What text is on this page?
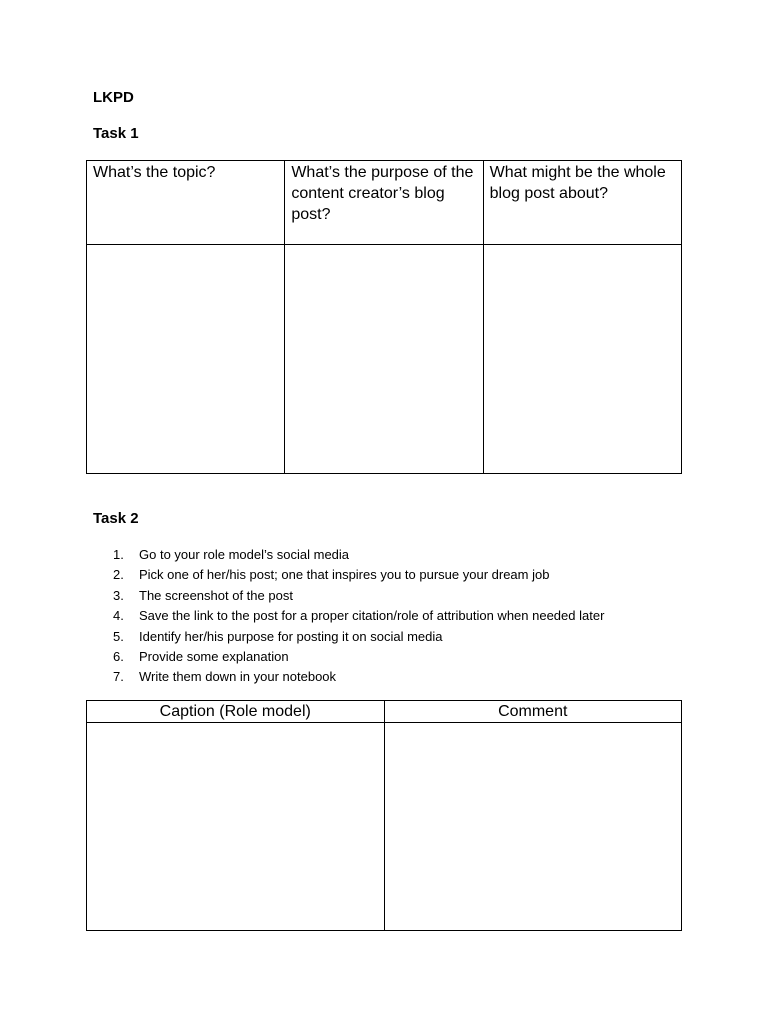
LKPD
Task 1
What’s the topic?	What’s the purpose of the content creator’s blog post?	What might be the whole blog post about?

Task 2
1. Go to your role model’s social media
2. Pick one of her/his post; one that inspires you to pursue your dream job
3. The screenshot of the post
4. Save the link to the post for a proper citation/role of attribution when needed later
5. Identify her/his purpose for posting it on social media
6. Provide some explanation
7. Write them down in your notebook
Caption (Role model)	Comment
